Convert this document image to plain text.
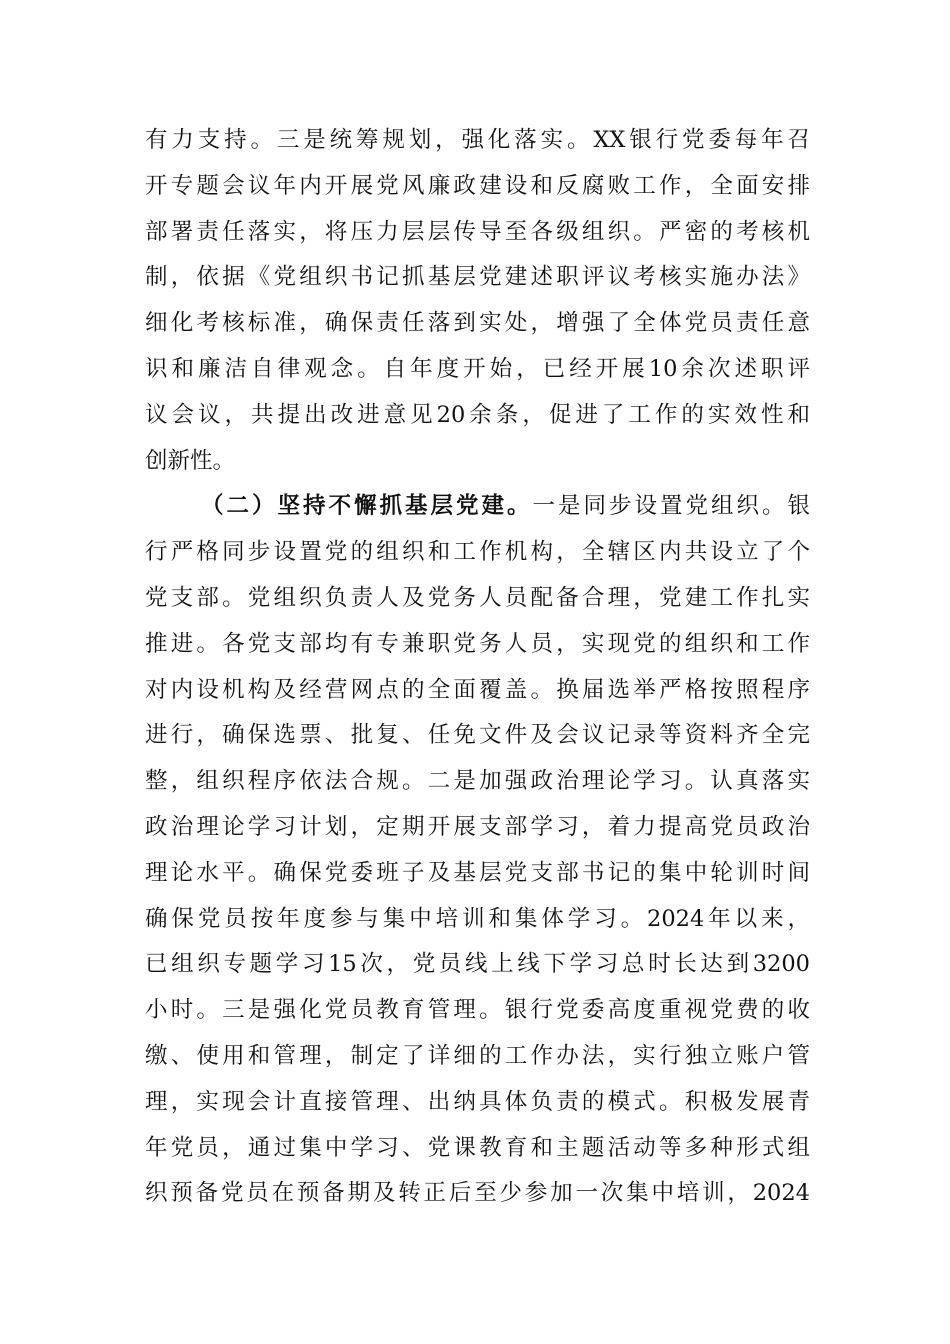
有力支持。三是统筹规划，强化落实。XX银行党委每年召
开专题会议年内开展党风廉政建设和反腐败工作，全面安排
部署责任落实，将压力层层传导至各级组织。严密的考核机
制，依据《党组织书记抓基层党建述职评议考核实施办法》
细化考核标准，确保责任落到实处，增强了全体党员责任意
识和廉洁自律观念。自年度开始，已经开展10余次述职评
议会议，共提出改进意见20余条，促进了工作的实效性和
创新性。
（二）坚持不懈抓基层党建。一是同步设置党组织。银
行严格同步设置党的组织和工作机构，全辖区内共设立了个
党支部。党组织负责人及党务人员配备合理，党建工作扎实
推进。各党支部均有专兼职党务人员，实现党的组织和工作
对内设机构及经营网点的全面覆盖。换届选举严格按照程序
进行，确保选票、批复、任免文件及会议记录等资料齐全完
整，组织程序依法合规。二是加强政治理论学习。认真落实
政治理论学习计划，定期开展支部学习，着力提高党员政治
理论水平。确保党委班子及基层党支部书记的集中轮训时间
确保党员按年度参与集中培训和集体学习。2024年以来，
已组织专题学习15次，党员线上线下学习总时长达到3200
小时。三是强化党员教育管理。银行党委高度重视党费的收
缴、使用和管理，制定了详细的工作办法，实行独立账户管
理，实现会计直接管理、出纳具体负责的模式。积极发展青
年党员，通过集中学习、党课教育和主题活动等多种形式组
织预备党员在预备期及转正后至少参加一次集中培训，2024
